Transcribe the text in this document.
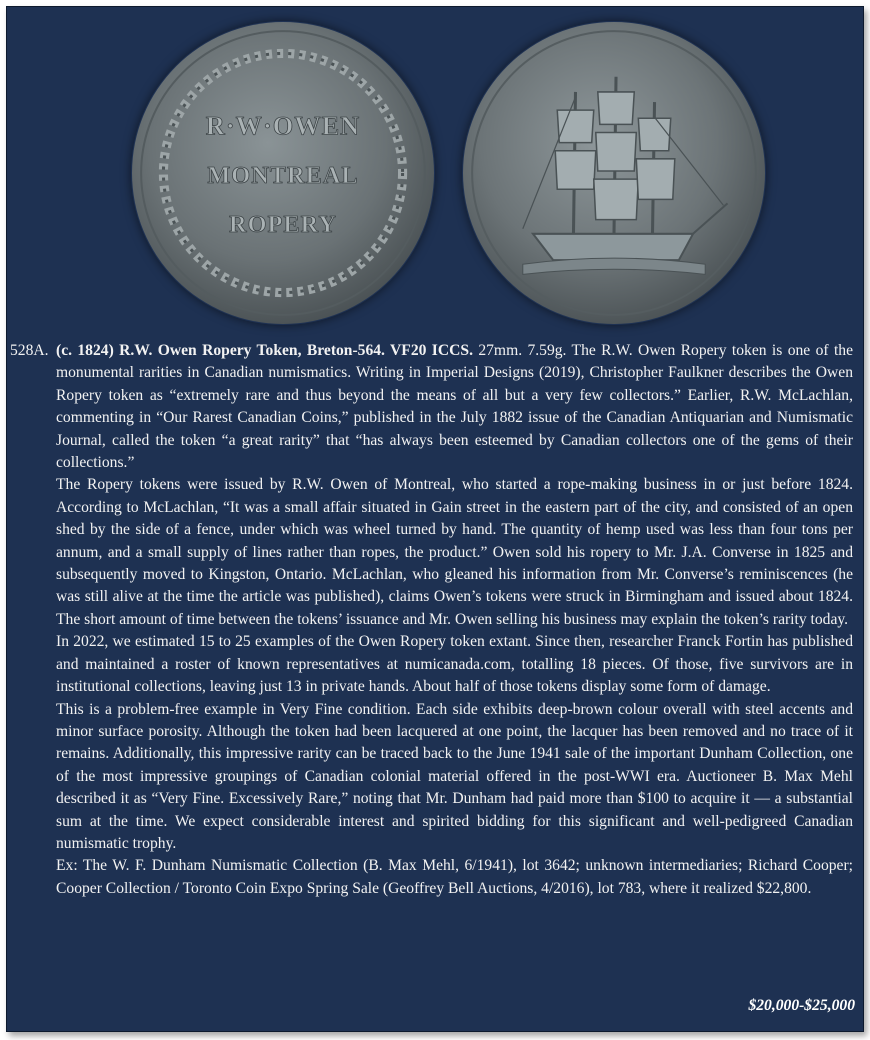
R·W·OWEN
MONTREAL
ROPERY

528A. (c. 1824) R.W. Owen Ropery Token, Breton-564. VF20 ICCS. 27mm. 7.59g. The R.W. Owen Ropery token is one of the monumental rarities in Canadian numismatics. Writing in Imperial Designs (2019), Christopher Faulkner describes the Owen Ropery token as “extremely rare and thus beyond the means of all but a very few collectors.” Earlier, R.W. McLachlan, commenting in “Our Rarest Canadian Coins,” published in the July 1882 issue of the Canadian Antiquarian and Numismatic Journal, called the token “a great rarity” that “has always been esteemed by Canadian collectors one of the gems of their collections.”

The Ropery tokens were issued by R.W. Owen of Montreal, who started a rope-making business in or just before 1824. According to McLachlan, “It was a small affair situated in Gain street in the eastern part of the city, and consisted of an open shed by the side of a fence, under which was wheel turned by hand. The quantity of hemp used was less than four tons per annum, and a small supply of lines rather than ropes, the product.” Owen sold his ropery to Mr. J.A. Converse in 1825 and subsequently moved to Kingston, Ontario. McLachlan, who gleaned his information from Mr. Converse’s reminiscences (he was still alive at the time the article was published), claims Owen’s tokens were struck in Birmingham and issued about 1824. The short amount of time between the tokens’ issuance and Mr. Owen selling his business may explain the token’s rarity today.

In 2022, we estimated 15 to 25 examples of the Owen Ropery token extant. Since then, researcher Franck Fortin has published and maintained a roster of known representatives at numicanada.com, totalling 18 pieces. Of those, five survivors are in institutional collections, leaving just 13 in private hands. About half of those tokens display some form of damage.

This is a problem-free example in Very Fine condition. Each side exhibits deep-brown colour overall with steel accents and minor surface porosity. Although the token had been lacquered at one point, the lacquer has been removed and no trace of it remains. Additionally, this impressive rarity can be traced back to the June 1941 sale of the important Dunham Collection, one of the most impressive groupings of Canadian colonial material offered in the post-WWI era. Auctioneer B. Max Mehl described it as “Very Fine. Excessively Rare,” noting that Mr. Dunham had paid more than $100 to acquire it — a substantial sum at the time. We expect considerable interest and spirited bidding for this significant and well-pedigreed Canadian numismatic trophy.

Ex: The W. F. Dunham Numismatic Collection (B. Max Mehl, 6/1941), lot 3642; unknown intermediaries; Richard Cooper; Cooper Collection / Toronto Coin Expo Spring Sale (Geoffrey Bell Auctions, 4/2016), lot 783, where it realized $22,800.

$20,000-$25,000
